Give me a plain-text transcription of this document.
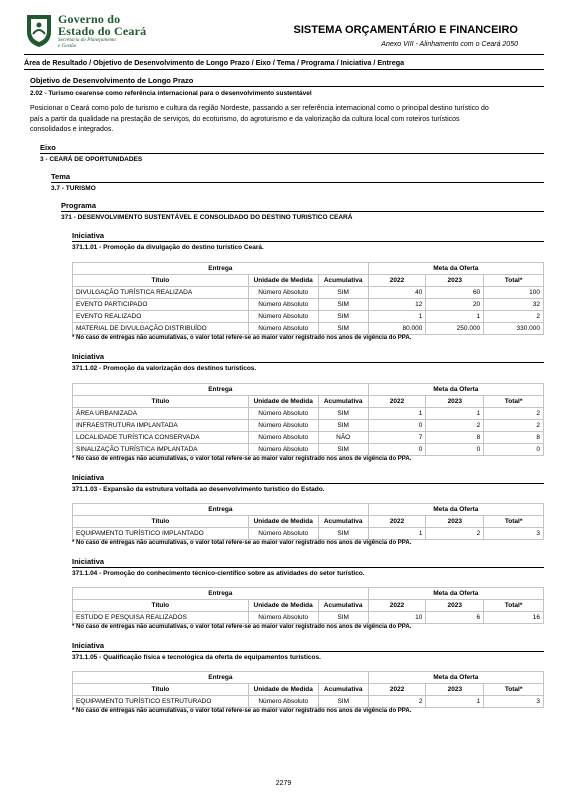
Governo do
Estado do Ceará
Secretaria do Planejamento
e Gestão
SISTEMA ORÇAMENTÁRIO E FINANCEIRO
Anexo VIII - Alinhamento com o Ceará 2050
Área de Resultado / Objetivo de Desenvolvimento de Longo Prazo / Eixo / Tema / Programa / Iniciativa / Entrega
Objetivo de Desenvolvimento de Longo Prazo
2.02 - Turismo cearense como referência internacional para o desenvolvimento sustentável
Posicionar o Ceará como polo de turismo e cultura da região Nordeste, passando a ser referência internacional como o principal destino turístico do país a partir da qualidade na prestação de serviços, do ecoturismo, do agroturismo e da valorização da cultura local com roteiros turísticos consolidados e integrados.
Eixo
3 - CEARÁ DE OPORTUNIDADES
Tema
3.7 - TURISMO
Programa
371 - DESENVOLVIMENTO SUSTENTÁVEL E CONSOLIDADO DO DESTINO TURISTICO CEARÁ
Iniciativa
371.1.01 - Promoção da divulgação do destino turístico Ceará.
Entrega			Meta da Oferta		
Título	Unidade de Medida	Acumulativa	2022	2023	Total*
DIVULGAÇÃO TURÍSTICA REALIZADA	Número Absoluto	SIM	40	60	100
EVENTO PARTICIPADO	Número Absoluto	SIM	12	20	32
EVENTO REALIZADO	Número Absoluto	SIM	1	1	2
MATERIAL DE DIVULGAÇÃO DISTRIBUÍDO	Número Absoluto	SIM	80.000	250.000	330.000
* No caso de entregas não acumulativas, o valor total refere-se ao maior valor registrado nos anos de vigência do PPA.
Iniciativa
371.1.02 - Promoção da valorização dos destinos turísticos.
Entrega			Meta da Oferta		
Título	Unidade de Medida	Acumulativa	2022	2023	Total*
ÁREA URBANIZADA	Número Absoluto	SIM	1	1	2
INFRAESTRUTURA IMPLANTADA	Número Absoluto	SIM	0	2	2
LOCALIDADE TURÍSTICA CONSERVADA	Número Absoluto	NÃO	7	8	8
SINALIZAÇÃO TURÍSTICA IMPLANTADA	Número Absoluto	SIM	0	0	0
* No caso de entregas não acumulativas, o valor total refere-se ao maior valor registrado nos anos de vigência do PPA.
Iniciativa
371.1.03 - Expansão da estrutura voltada ao desenvolvimento turístico do Estado.
Entrega			Meta da Oferta		
Título	Unidade de Medida	Acumulativa	2022	2023	Total*
EQUIPAMENTO TURÍSTICO IMPLANTADO	Número Absoluto	SIM	1	2	3
* No caso de entregas não acumulativas, o valor total refere-se ao maior valor registrado nos anos de vigência do PPA.
Iniciativa
371.1.04 - Promoção do conhecimento técnico-científico sobre as atividades do setor turístico.
Entrega			Meta da Oferta		
Título	Unidade de Medida	Acumulativa	2022	2023	Total*
ESTUDO E PESQUISA REALIZADOS	Número Absoluto	SIM	10	6	16
* No caso de entregas não acumulativas, o valor total refere-se ao maior valor registrado nos anos de vigência do PPA.
Iniciativa
371.1.05 - Qualificação física e tecnológica da oferta de equipamentos turísticos.
Entrega			Meta da Oferta		
Título	Unidade de Medida	Acumulativa	2022	2023	Total*
EQUIPAMENTO TURÍSTICO ESTRUTURADO	Número Absoluto	SIM	2	1	3
* No caso de entregas não acumulativas, o valor total refere-se ao maior valor registrado nos anos de vigência do PPA.
2279
